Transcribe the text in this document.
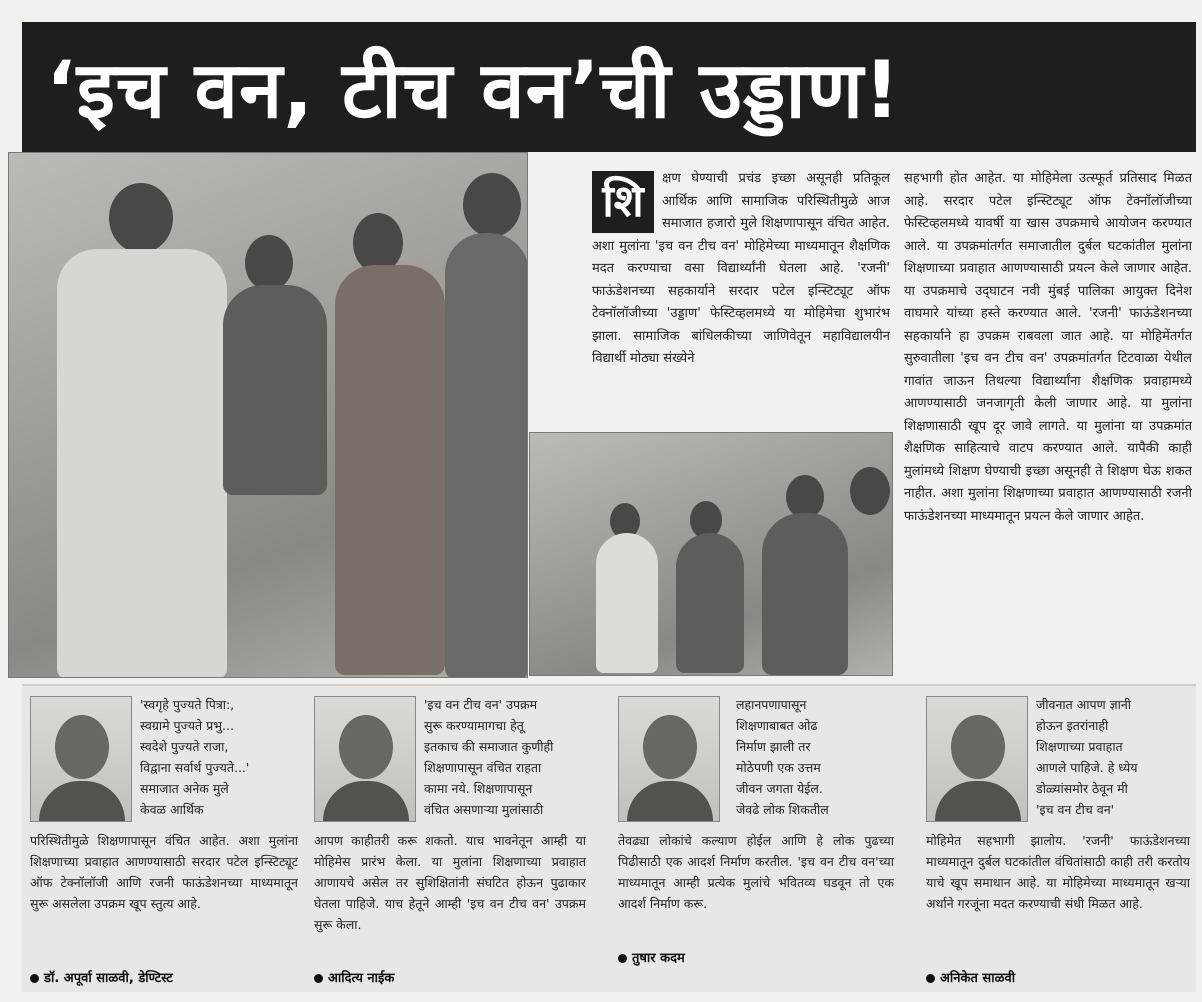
‘इच वन, टीच वन’ची उड्डाण!
शि	क्षण घेण्याची प्रचंड इच्छा असूनही प्रतिकूल आर्थिक आणि सामाजिक परिस्थितीमुळे आज समाजात हजारो मुले शिक्षणापासून वंचित आहेत. अशा मुलांना 'इच वन टीच वन' मोहिमेच्या माध्यमातून शैक्षणिक मदत करण्याचा वसा विद्यार्थ्यांनी घेतला आहे. 'रजनी' फाऊंडेशनच्या सहकार्याने सरदार पटेल इन्स्टिट्यूट ऑफ टेक्नॉलॉजीच्या 'उड्डाण' फेस्टिव्हलमध्ये या मोहिमेचा शुभारंभ झाला. सामाजिक बांधिलकीच्या जाणिवेतून महाविद्यालयीन विद्यार्थी मोठ्या संख्येने
सहभागी होत आहेत. या मोहिमेला उत्स्फूर्त प्रतिसाद मिळत आहे. सरदार पटेल इन्स्टिट्यूट ऑफ टेक्नॉलॉजीच्या फेस्टिव्हलमध्ये यावर्षी या खास उपक्रमाचे आयोजन करण्यात आले. या उपक्रमांतर्गत समाजातील दुर्बल घटकांतील मुलांना शिक्षणाच्या प्रवाहात आणण्यासाठी प्रयत्न केले जाणार आहेत. या उपक्रमाचे उद्‌घाटन नवी मुंबई पालिका आयुक्त दिनेश वाघमारे यांच्या हस्ते करण्यात आले. 'रजनी' फाऊंडेशनच्या सहकार्याने हा उपक्रम राबवला जात आहे. या मोहिमेंतर्गत सुरुवातीला 'इच वन टीच वन' उपक्रमांतर्गत टिटवाळा येथील गावांत जाऊन तिथल्या विद्यार्थ्यांना शैक्षणिक प्रवाहामध्ये आणण्यासाठी जनजागृती केली जाणार आहे. या मुलांना शिक्षणासाठी खूप दूर जावे लागते. या मुलांना या उपक्रमांत शैक्षणिक साहित्याचे वाटप करण्यात आले. यापैकी काही मुलांमध्ये शिक्षण घेण्याची इच्छा असूनही ते शिक्षण घेऊ शकत नाहीत. अशा मुलांना शिक्षणाच्या प्रवाहात आणण्यासाठी रजनी फाऊंडेशनच्या माध्यमातून प्रयत्न केले जाणार आहेत.
'स्वगृहे पुज्यते पित्रा:,
स्वग्रामे पुज्यते प्रभु...
स्वदेशे पुज्यते राजा,
विद्वाना सर्वार्थ पुज्यते...'
समाजात अनेक मुले
केवळ आर्थिक
परिस्थितीमुळे शिक्षणापासून वंचित आहेत. अशा मुलांना शिक्षणाच्या प्रवाहात आणण्यासाठी सरदार पटेल इन्स्टिट्यूट ऑफ टेक्नॉलॉजी आणि रजनी फाऊंडेशनच्या माध्यमातून सुरू असलेला उपक्रम खूप स्तुत्य आहे.
डॉ. अपूर्वा साळवी, डेण्टिस्ट
'इच वन टीच वन' उपक्रम
सुरू करण्यामागचा हेतू
इतकाच की समाजात कुणीही
शिक्षणापासून वंचित राहता
कामा नये. शिक्षणापासून
वंचित असणाऱ्या मुलांसाठी
आपण काहीतरी करू शकतो. याच भावनेतून आम्ही या मोहिमेस प्रारंभ केला. या मुलांना शिक्षणाच्या प्रवाहात आणायचे असेल तर सुशिक्षितांनी संघटित होऊन पुढाकार घेतला पाहिजे. याच हेतूने आम्ही 'इच वन टीच वन' उपक्रम सुरू केला.
आदित्य नाईक
लहानपणापासून
शिक्षणाबाबत ओढ
निर्माण झाली तर
मोठेपणी एक उत्तम
जीवन जगता येईल.
जेवढे लोक शिकतील
तेवढ्या लोकांचे कल्याण होईल आणि हे लोक पुढच्या पिढीसाठी एक आदर्श निर्माण करतील. 'इच वन टीच वन'च्या माध्यमातून आम्ही प्रत्येक मुलांचे भवितव्य घडवून तो एक आदर्श निर्माण करू.
तुषार कदम
जीवनात आपण ज्ञानी
होऊन इतरांनाही
शिक्षणाच्या प्रवाहात
आणले पाहिजे. हे ध्येय
डोळ्यांसमोर ठेवून मी
'इच वन टीच वन'
मोहिमेत सहभागी झालोय. 'रजनी' फाऊंडेशनच्या माध्यमातून दुर्बल घटकांतील वंचितांसाठी काही तरी करतोय याचे खूप समाधान आहे. या मोहिमेच्या माध्यमातून खऱ्या अर्थाने गरजूंना मदत करण्याची संधी मिळत आहे.
अनिकेत साळवी
